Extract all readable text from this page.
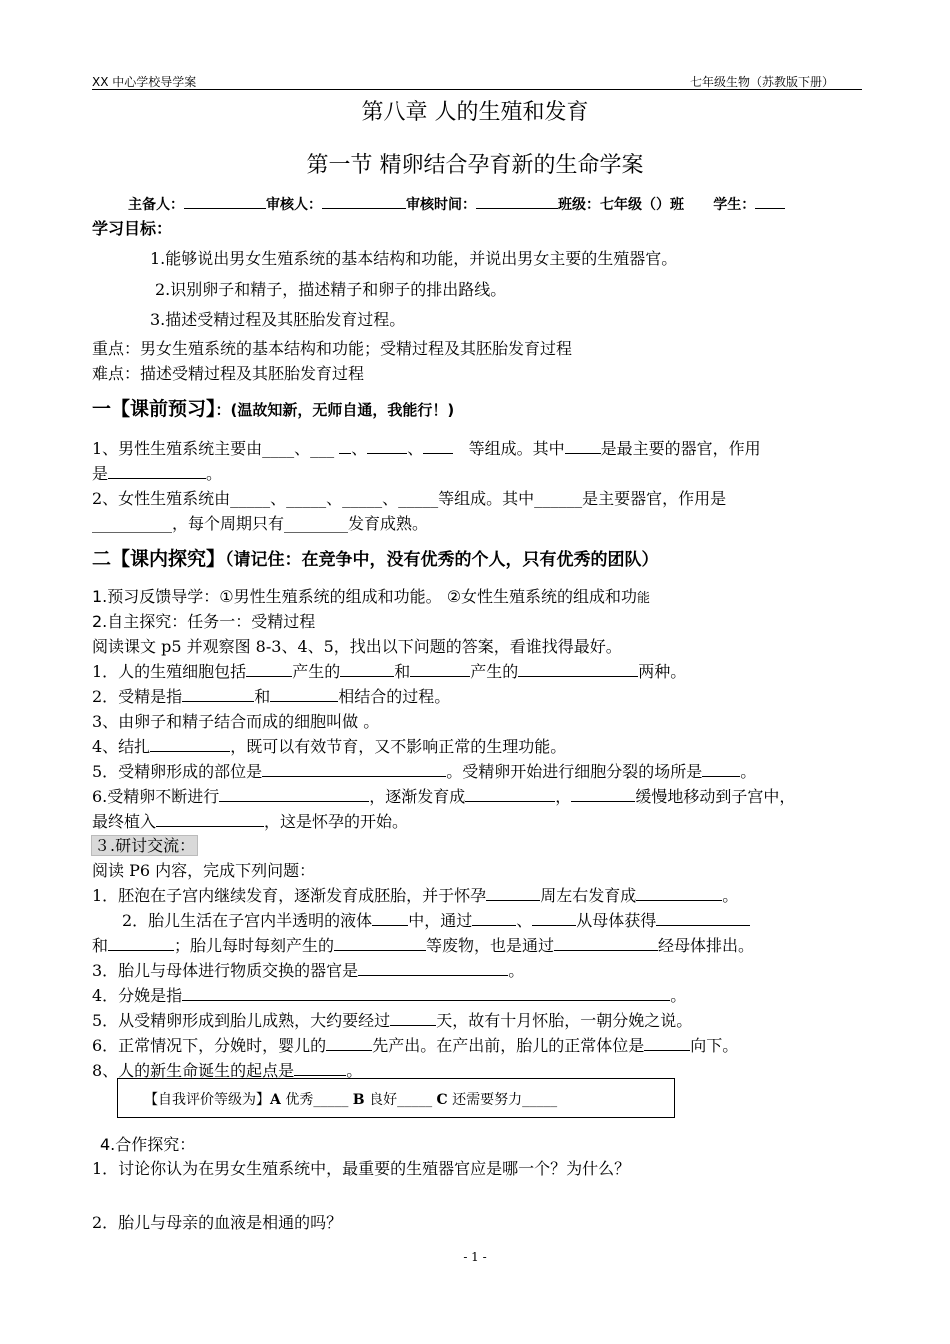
XX 中心学校导学案	七年级生物（苏教版下册）
第八章 人的生殖和发育
第一节 精卵结合孕育新的生命学案
主备人：	审核人：	审核时间：	班级：七年级（）班 学生：
学习目标：
1.能够说出男女生殖系统的基本结构和功能，并说出男女主要的生殖器官。
2.识别卵子和精子，描述精子和卵子的排出路线。
3.描述受精过程及其胚胎发育过程。
重点：男女生殖系统的基本结构和功能；受精过程及其胚胎发育过程
难点：描述受精过程及其胚胎发育过程
一【课前预习】：(温故知新，无师自通，我能行！)
1、男性生殖系统主要由____、___ 、	、	等组成。其中 是最主要的器官，作用
是	。
2、女性生殖系统由_____、_____、_____、_____等组成。其中______是主要器官，作用是
__________，每个周期只有________发育成熟。
二【课内探究】（请记住：在竞争中，没有优秀的个人，只有优秀的团队）
1.预习反馈导学：①男性生殖系统的组成和功能。 ②女性生殖系统的组成和功能
2.自主探究：任务一：受精过程
阅读课文 p5 并观察图 8-3、4、5，找出以下问题的答案，看谁找得最好。
1．人的生殖细胞包括	产生的	和	产生的	两种。
2．受精是指	和	相结合的过程。
3、由卵子和精子结合而成的细胞叫做 。
4、结扎	，既可以有效节育，又不影响正常的生理功能。
5．受精卵形成的部位是	。受精卵开始进行细胞分裂的场所是 。
6.受精卵不断进行	，逐渐发育成	，	缓慢地移动到子宫中，
最终植入	，这是怀孕的开始。
３.研讨交流：
阅读 P6 内容，完成下列问题：
1．胚泡在子宫内继续发育，逐渐发育成胚胎，并于怀孕	周左右发育成	。
2．胎儿生活在子宫内半透明的液体 中，通过	、	从母体获得
和	；胎儿每时每刻产生的	等废物，也是通过	经母体排出。
3．胎儿与母体进行物质交换的器官是	。
4．分娩是指	。
5．从受精卵形成到胎儿成熟，大约要经过	天，故有十月怀胎，一朝分娩之说。
6．正常情况下，分娩时，婴儿的	先产出。在产出前，胎儿的正常体位是	向下。
8、人的新生命诞生的起点是	。
【自我评价等级为】A 优秀_____ B 良好_____ C 还需要努力_____
4.合作探究：
1．讨论你认为在男女生殖系统中，最重要的生殖器官应是哪一个？为什么？
2．胎儿与母亲的血液是相通的吗？
- 1 -
